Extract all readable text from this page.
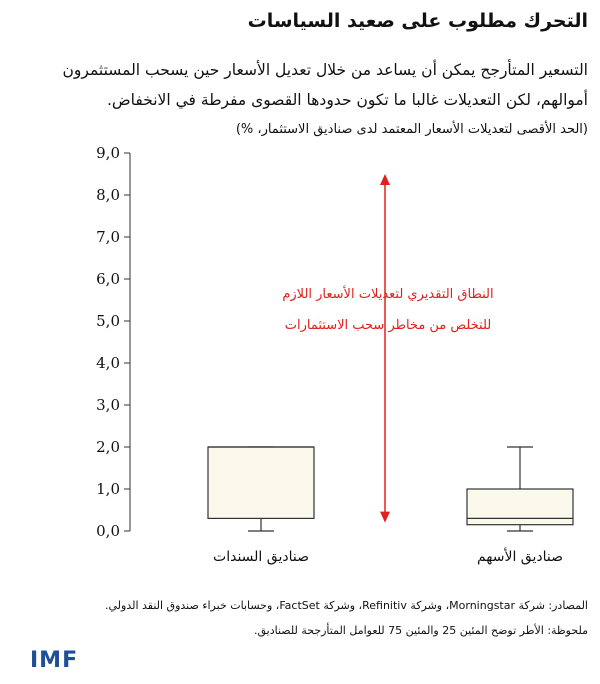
التحرك مطلوب على صعيد السياسات

التسعير المتأرجح يمكن أن يساعد من خلال تعديل الأسعار حين يسحب المستثمرون أموالهم، لكن التعديلات غالبا ما تكون حدودها القصوى مفرطة في الانخفاض.

(الحد الأقصى لتعديلات الأسعار المعتمد لدى صناديق الاستثمار، %)

0,0
1,0
2,0
3,0
4,0
5,0
6,0
7,0
8,0
9,0
صناديق السندات	صناديق الأسهم
النطاق التقديري لتعديلات الأسعار اللازم
للتخلص من مخاطر سحب الاستثمارات

المصادر: شركة Morningstar، وشركة Refinitiv، وشركة FactSet، وحسابات خبراء صندوق النقد الدولي.

ملحوظة: الأطر توضح المئين 25 والمئين 75 للعوامل المتأرجحة للصناديق.

IMF
